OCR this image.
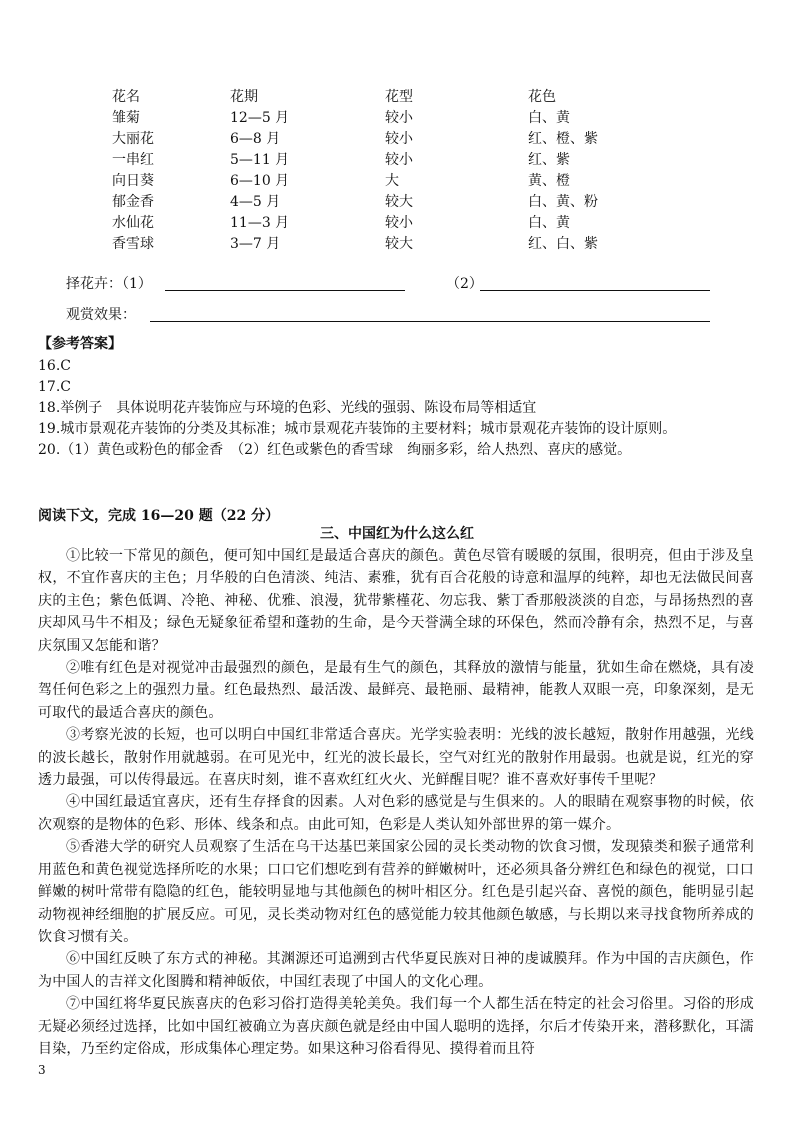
花名	花期	花型	花色
雏菊	12—5 月	较小	白、黄
大丽花	6—8 月	较小	红、橙、紫
一串红	5—11 月	较小	红、紫
向日葵	6—10 月	大	黄、橙
郁金香	4—5 月	较大	白、黄、粉
水仙花	11—3 月	较小	白、黄
香雪球	3—7 月	较大	红、白、紫
择花卉：（1）	（2）
观赏效果：
【参考答案】
16.C
17.C
18.举例子　具体说明花卉装饰应与环境的色彩、光线的强弱、陈设布局等相适宜
19.城市景观花卉装饰的分类及其标准；城市景观花卉装饰的主要材料；城市景观花卉装饰的设计原则。
20.（1）黄色或粉色的郁金香　（2）红色或紫色的香雪球　绚丽多彩，给人热烈、喜庆的感觉。
阅读下文，完成 16—20 题（22 分）
三、中国红为什么这么红

①比较一下常见的颜色，便可知中国红是最适合喜庆的颜色。黄色尽管有暖暖的氛围，很明亮，但由于涉及皇权，不宜作喜庆的主色；月华般的白色清淡、纯洁、素雅，犹有百合花般的诗意和温厚的纯粹，却也无法做民间喜庆的主色；紫色低调、冷艳、神秘、优雅、浪漫，犹带紫槿花、勿忘我、紫丁香那般淡淡的自恋，与昂扬热烈的喜庆却风马牛不相及；绿色无疑象征希望和蓬勃的生命，是今天誉满全球的环保色，然而冷静有余，热烈不足，与喜庆氛围又怎能和谐？

②唯有红色是对视觉冲击最强烈的颜色，是最有生气的颜色，其释放的激情与能量，犹如生命在燃烧，具有凌驾任何色彩之上的强烈力量。红色最热烈、最活泼、最鲜亮、最艳丽、最精神，能教人双眼一亮，印象深刻，是无可取代的最适合喜庆的颜色。

③考察光波的长短，也可以明白中国红非常适合喜庆。光学实验表明：光线的波长越短，散射作用越强，光线的波长越长，散射作用就越弱。在可见光中，红光的波长最长，空气对红光的散射作用最弱。也就是说，红光的穿透力最强，可以传得最远。在喜庆时刻，谁不喜欢红红火火、光鲜醒目呢？谁不喜欢好事传千里呢？

④中国红最适宜喜庆，还有生存择食的因素。人对色彩的感觉是与生俱来的。人的眼睛在观察事物的时候，依次观察的是物体的色彩、形体、线条和点。由此可知，色彩是人类认知外部世界的第一媒介。

⑤香港大学的研究人员观察了生活在乌干达基巴莱国家公园的灵长类动物的饮食习惯，发现猿类和猴子通常利用蓝色和黄色视觉选择所吃的水果；口口它们想吃到有营养的鲜嫩树叶，还必须具备分辨红色和绿色的视觉，口口鲜嫩的树叶常带有隐隐的红色，能较明显地与其他颜色的树叶相区分。红色是引起兴奋、喜悦的颜色，能明显引起动物视神经细胞的扩展反应。可见，灵长类动物对红色的感觉能力较其他颜色敏感，与长期以来寻找食物所养成的饮食习惯有关。

⑥中国红反映了东方式的神秘。其渊源还可追溯到古代华夏民族对日神的虔诚膜拜。作为中国的吉庆颜色，作为中国人的吉祥文化图腾和精神皈依，中国红表现了中国人的文化心理。

⑦中国红将华夏民族喜庆的色彩习俗打造得美轮美奂。我们每一个人都生活在特定的社会习俗里。习俗的形成无疑必须经过选择，比如中国红被确立为喜庆颜色就是经由中国人聪明的选择，尔后才传染开来，潜移默化，耳濡目染，乃至约定俗成，形成集体心理定势。如果这种习俗看得见、摸得着而且符

3
